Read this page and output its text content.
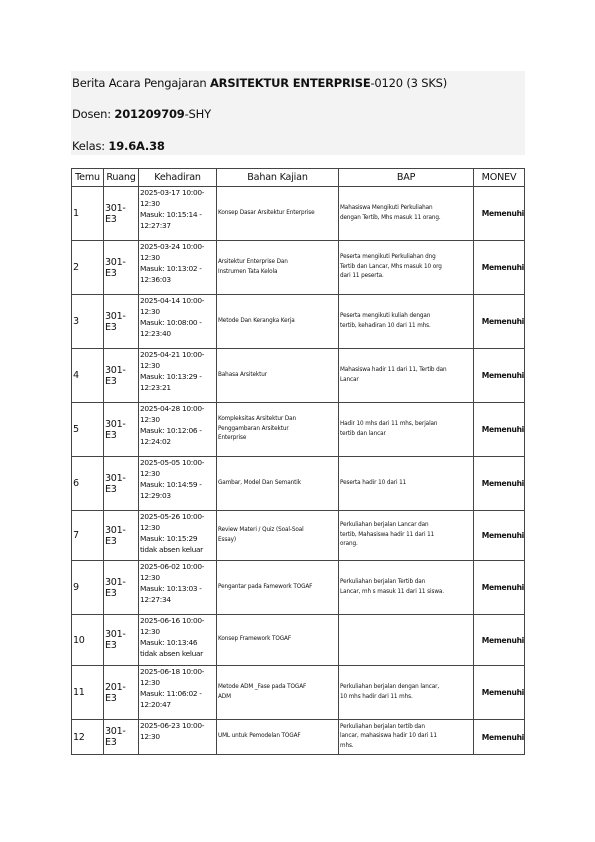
Berita Acara Pengajaran ARSITEKTUR ENTERPRISE-0120 (3 SKS)
Dosen: 201209709-SHY
Kelas: 19.6A.38
Temu	Ruang	Kehadiran	Bahan Kajian	BAP	MONEV
1	301-E3	2025-03-17 10:00-
12:30
Masuk: 10:15:14 -
12:27:37	Konsep Dasar Arsitektur Enterprise	Mahasiswa Mengikuti Perkuliahan
dengan Tertib, Mhs masuk 11 orang.	Memenuhi
2	301-E3	2025-03-24 10:00-
12:30
Masuk: 10:13:02 -
12:36:03	Arsitektur Enterprise Dan
Instrumen Tata Kelola	Peserta mengikuti Perkuliahan dng
Tertib dan Lancar, Mhs masuk 10 org
dari 11 peserta.	Memenuhi
3	301-E3	2025-04-14 10:00-
12:30
Masuk: 10:08:00 -
12:23:40	Metode Dan Kerangka Kerja	Peserta mengikuti kuliah dengan
tertib, kehadiran 10 dari 11 mhs.	Memenuhi
4	301-E3	2025-04-21 10:00-
12:30
Masuk: 10:13:29 -
12:23:21	Bahasa Arsitektur	Mahasiswa hadir 11 dari 11, Tertib dan
Lancar	Memenuhi
5	301-E3	2025-04-28 10:00-
12:30
Masuk: 10:12:06 -
12:24:02	Kompleksitas Arsitektur Dan
Penggambaran Arsitektur
Enterprise	Hadir 10 mhs dari 11 mhs, berjalan
tertib dan lancar	Memenuhi
6	301-E3	2025-05-05 10:00-
12:30
Masuk: 10:14:59 -
12:29:03	Gambar, Model Dan Semantik	Peserta hadir 10 dari 11	Memenuhi
7	301-E3	2025-05-26 10:00-
12:30
Masuk: 10:15:29
tidak absen keluar	Review Materi / Quiz (Soal-Soal
Essay)	Perkuliahan berjalan Lancar dan
tertib, Mahasiswa hadir 11 dari 11
orang.	Memenuhi
9	301-E3	2025-06-02 10:00-
12:30
Masuk: 10:13:03 -
12:27:34	Pengantar pada Famework TOGAF	Perkuliahan berjalan Tertib dan
Lancar, mh s masuk 11 dari 11 siswa.	Memenuhi
10	301-E3	2025-06-16 10:00-
12:30
Masuk: 10:13:46
tidak absen keluar	Konsep Framework TOGAF		Memenuhi
11	201-E3	2025-06-18 10:00-
12:30
Masuk: 11:06:02 -
12:20:47	Metode ADM _Fase pada TOGAF
ADM	Perkuliahan berjalan dengan lancar,
10 mhs hadir dari 11 mhs.	Memenuhi
12	301-E3	2025-06-23 10:00-
12:30	UML untuk Pemodelan TOGAF	Perkuliahan berjalan tertib dan
lancar, mahasiswa hadir 10 dari 11
mhs.	Memenuhi
